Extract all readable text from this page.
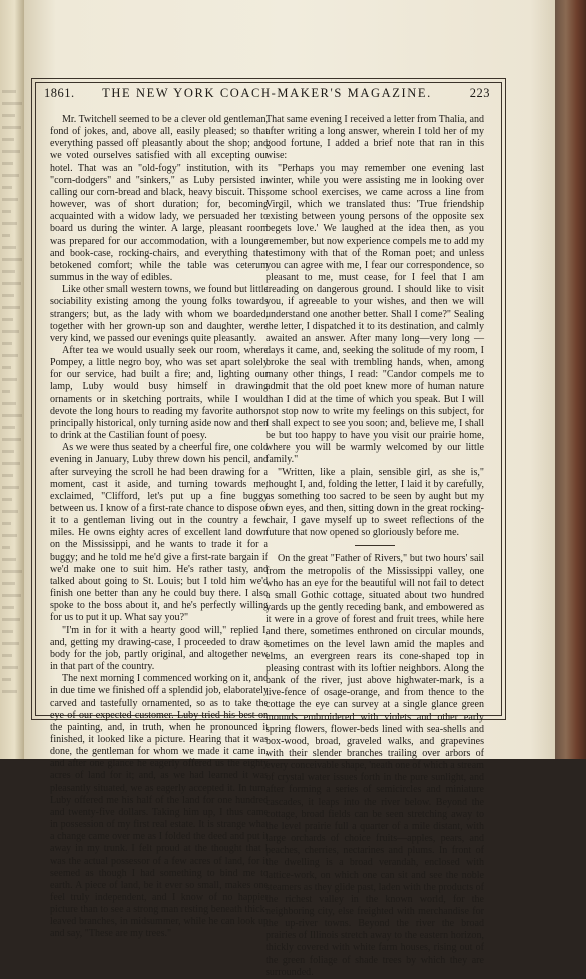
1861.	THE NEW YORK COACH-MAKER'S MAGAZINE.	223

Mr. Twitchell seemed to be a clever old gentleman, fond of jokes, and, above all, easily pleased; so that everything passed off pleasantly about the shop; and we voted ourselves satisfied with all excepting our hotel. That was an "old-fogy" institution, with its "corn-dodgers" and "sinkers," as Luby persisted in calling our corn-bread and black, heavy biscuit. This, however, was of short duration; for, becoming acquainted with a widow lady, we persuaded her to board us during the winter. A large, pleasant room was prepared for our accommodation, with a lounge and book-case, rocking-chairs, and everything that betokened comfort; while the table was ceterum summus in the way of edibles.

Like other small western towns, we found but little sociability existing among the young folks towards strangers; but, as the lady with whom we boarded, together with her grown-up son and daughter, were very kind, we passed our evenings quite pleasantly.

After tea we would usually seek our room, where Pompey, a little negro boy, who was set apart solely for our service, had built a fire; and, lighting our lamp, Luby would busy himself in drawing ornaments or in sketching portraits, while I would devote the long hours to reading my favorite authors, principally historical, only turning aside now and then to drink at the Castilian fount of poesy.

As we were thus seated by a cheerful fire, one cold evening in January, Luby threw down his pencil, and after surveying the scroll he had been drawing for a moment, cast it aside, and turning towards me, exclaimed, "Clifford, let's put up a fine buggy between us. I know of a first-rate chance to dispose of it to a gentleman living out in the country a few miles. He owns eighty acres of excellent land down on the Mississippi, and he wants to trade it for a buggy; and he told me he'd give a first-rate bargain if we'd make one to suit him. He's rather tasty, and talked about going to St. Louis; but I told him we'd finish one better than any he could buy there. I also spoke to the boss about it, and he's perfectly willing for us to put it up. What say you?"

"I'm in for it with a hearty good will," replied I, and, getting my drawing-case, I proceeded to draw a body for the job, partly original, and altogether new in that part of the country.

The next morning I commenced working on it, and in due time we finished off a splendid job, elaborately carved and tastefully ornamented, so as to take the eye of our expected customer. Luby tried his best on the painting, and, in truth, when he pronounced it finished, it looked like a picture. Hearing that it was done, the gentleman for whom we made it came in, and after one glance he eagerly offered us the eighty acres of land for it; and, as we had learned it was pleasantly situated, we as eagerly accepted it. In turn, Luby offered me his half of the land for one hundred and twenty-five dollars. Taking him up, I thus came in possession of my first real estate. It is strange what a change came over me as I folded the deed and put it away in my trunk. I felt proud at the thought that I was the actual possessor of a few acres of land, for it seemed as though I had something to bind me to earth. A piece of land, be it ever so small, makes one feel truly independent, and I know of no happier picture than to see a strong man resting beneath thick-leaved branches, in midsummer, while he can look up and say, "These are my trees."

That same evening I received a letter from Thalia, and after writing a long answer, wherein I told her of my good fortune, I added a brief note that ran in this wise:

"Perhaps you may remember one evening last winter, while you were assisting me in looking over some school exercises, we came across a line from Virgil, which we translated thus: 'True friendship existing between young persons of the opposite sex begets love.' We laughed at the idea then, as you remember, but now experience compels me to add my testimony with that of the Roman poet; and unless you can agree with me, I fear our correspondence, so pleasant to me, must cease, for I feel that I am treading on dangerous ground. I should like to visit you, if agreeable to your wishes, and then we will understand one another better. Shall I come?" Sealing the letter, I dispatched it to its destination, and calmly awaited an answer. After many long—very long —days it came, and, seeking the solitude of my room, I broke the seal with trembling hands, when, among many other things, I read: "Candor compels me to admit that the old poet knew more of human nature than I did at the time of which you speak. But I will not stop now to write my feelings on this subject, for I shall expect to see you soon; and, believe me, I shall be but too happy to have you visit our prairie home, where you will be warmly welcomed by our little family."

"Written, like a plain, sensible girl, as she is," thought I, and, folding the letter, I laid it by carefully, as something too sacred to be seen by aught but my own eyes, and then, sitting down in the great rocking-chair, I gave myself up to sweet reflections of the future that now opened so gloriously before me.

On the great "Father of Rivers," but two hours' sail from the metropolis of the Mississippi valley, one who has an eye for the beautiful will not fail to detect a small Gothic cottage, situated about two hundred yards up the gently receding bank, and embowered as it were in a grove of forest and fruit trees, while here and there, sometimes enthroned on circular mounds, sometimes on the level lawn amid the maples and elms, an evergreen rears its cone-shaped top in pleasing contrast with its loftier neighbors. Along the bank of the river, just above highwater-mark, is a live-fence of osage-orange, and from thence to the cottage the eye can survey at a single glance green mounds embroidered with violets and other early spring flowers, flower-beds lined with sea-shells and box-wood, broad, graveled walks, and grapevines with their slender branches trailing over arbors of every conceivable shape, 'neath one of which a stream of crystal water issues forth in the pure sunlight, and after forming a series of semicircles and miniature cascades, it leaps into the river below. Beyond the cottage, broad fields can be seen stretching away to the level prairie full a quarter of a mile distant, with large orchards of choice fruits—apples, pears, and peaches, cherries, nectarines and plums. In front of the dwelling is a broad verandah, enclosed with lattice-work, on which one can sit and see the noble steamers as they glide past, laden with the products of the richest valley in the known world, for the neighboring city, else freighted with merchandise for the up-river towns. Beyond the river the broad prairies of Illinois stretch away to the eastern horizon, thickly covered with white farm houses, rising out of the green foliage of shade trees by which they are surrounded.
